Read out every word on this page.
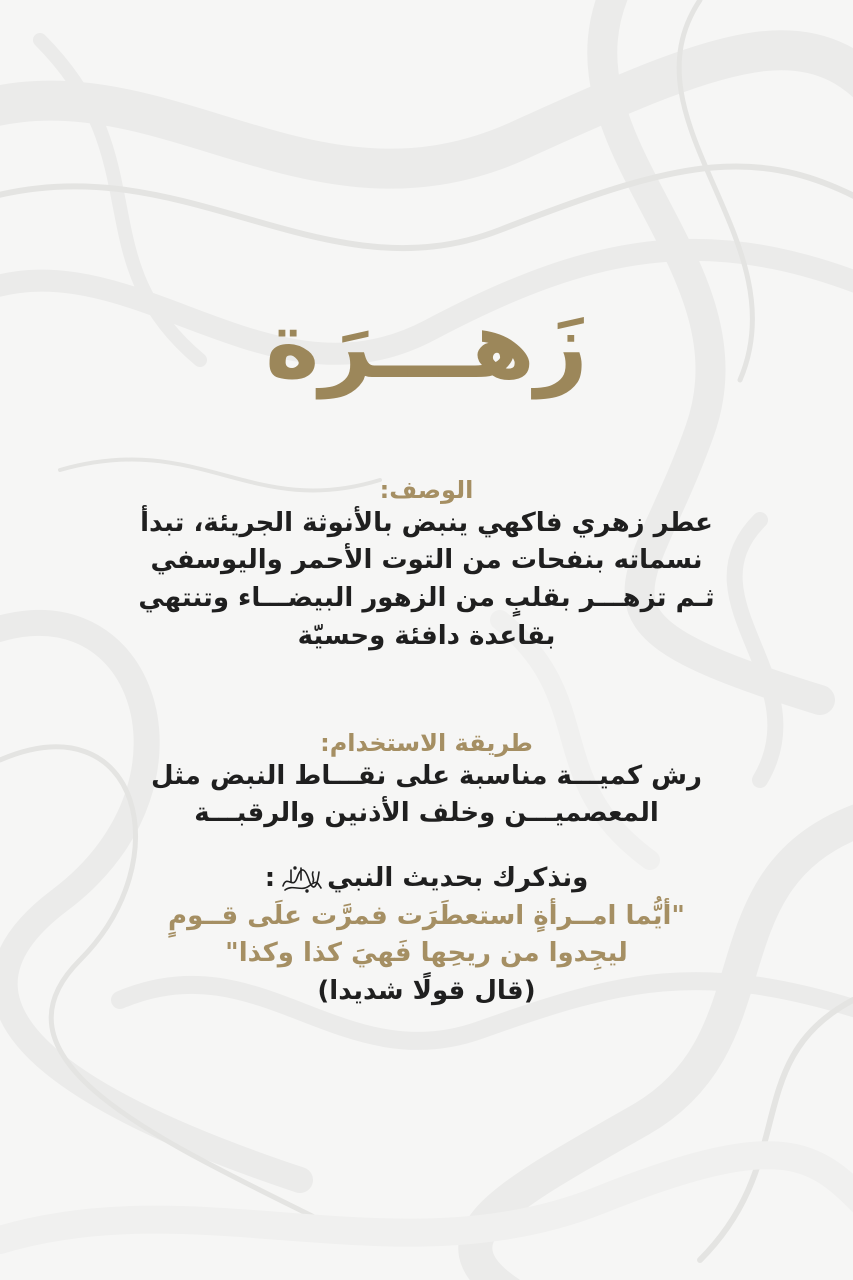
زَهـــرَة
الوصف:
عطر زهري فاكهي ينبض بالأنوثة الجريئة، تبدأ
نسماته بنفحات من التوت الأحمر واليوسفي
ثـم تزهـــر بقلبٍ من الزهور البيضـــاء وتنتهي
بقاعدة دافئة وحسيّة
طريقة الاستخدام:
رش كميـــة مناسبة على نقـــاط النبض مثل
المعصميـــن وخلف الأذنين والرقبـــة
ونذكرك بحديث النبي:
"أيُّما امــرأةٍ استعطَرَت فمرَّت علَى قــومٍ
ليجِدوا من ريحِها فَهيَ كذا وكذا"
(قال قولًا شديدا)
